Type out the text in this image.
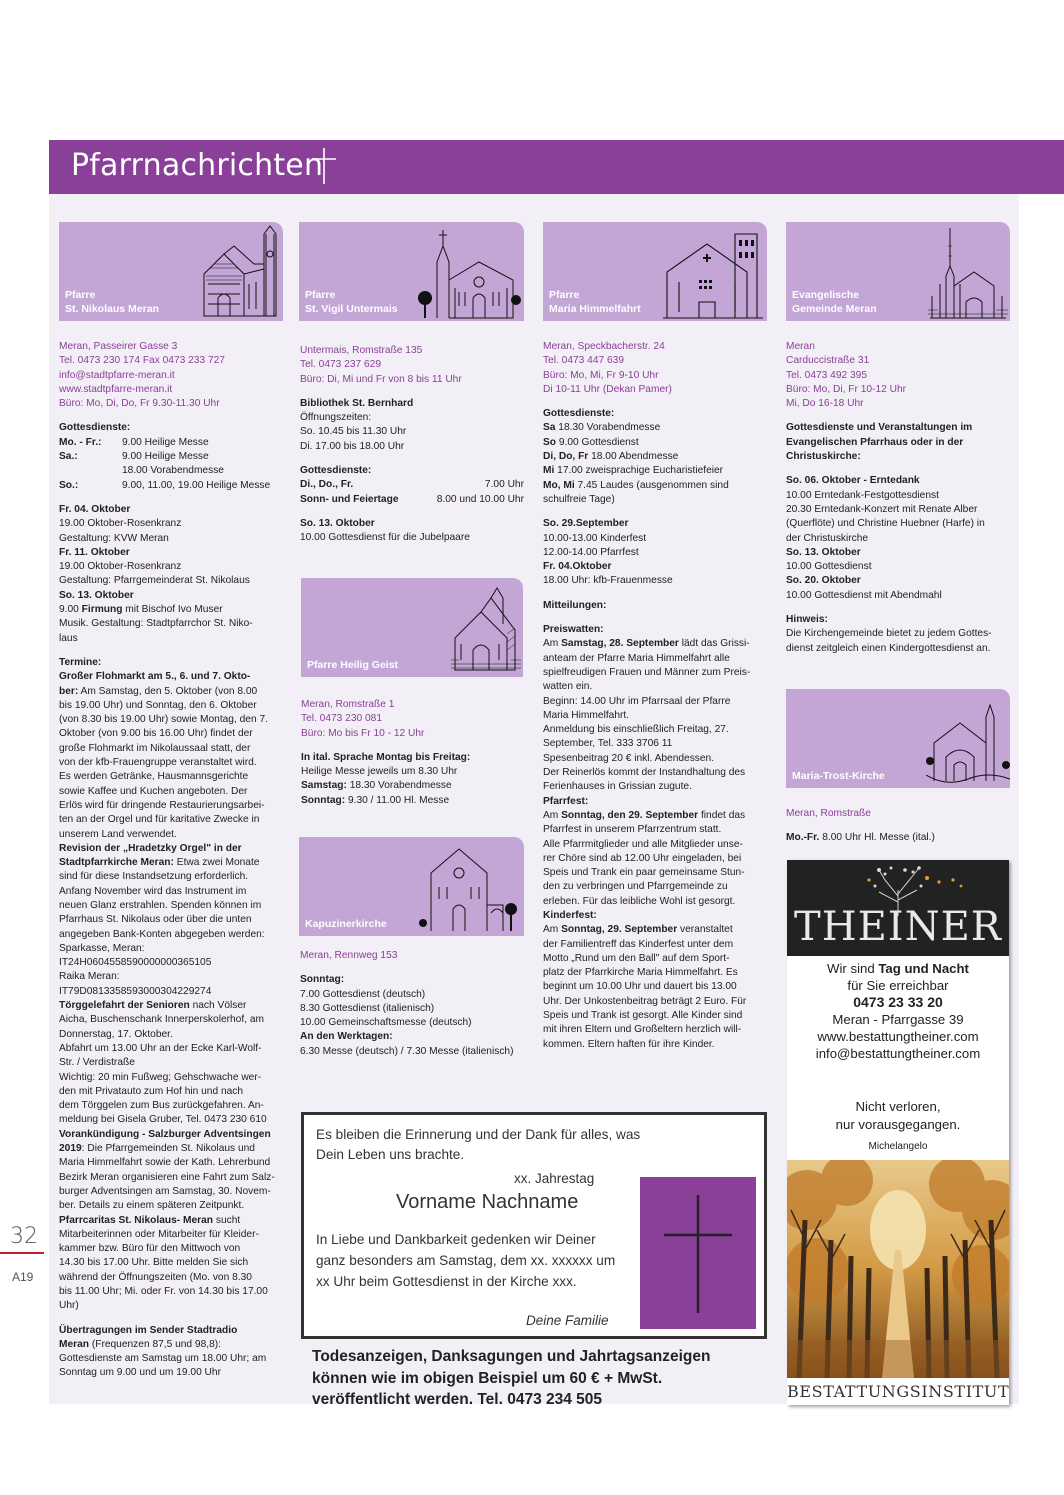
Pfarrnachrichten
32
A19
Pfarre
St. Nikolaus Meran

Meran, Passeirer Gasse 3

Tel. 0473 230 174 Fax 0473 233 727

info@stadtpfarre-meran.it

www.stadtpfarre-meran.it

Büro: Mo, Di, Do, Fr 9.30-11.30 Uhr

Gottesdienste:

Mo. - Fr.:	9.00 Heilige Messe
Sa.:	9.00 Heilige Messe
18.00 Vorabendmesse
So.:	9.00, 11.00, 19.00 Heilige Messe

Fr. 04. Oktober

19.00 Oktober-Rosenkranz

Gestaltung: KVW Meran

Fr. 11. Oktober

19.00 Oktober-Rosenkranz

Gestaltung: Pfarrgemeinderat St. Nikolaus

So. 13. Oktober

9.00 Firmung mit Bischof Ivo Muser

Musik. Gestaltung: Stadtpfarrchor St. Niko-

laus

Termine:

Großer Flohmarkt am 5., 6. und 7. Okto-

ber: Am Samstag, den 5. Oktober (von 8.00

bis 19.00 Uhr) und Sonntag, den 6. Oktober

(von 8.30 bis 19.00 Uhr) sowie Montag, den 7.

Oktober (von 9.00 bis 16.00 Uhr) findet der

große Flohmarkt im Nikolaussaal statt, der

von der kfb-Frauengruppe veranstaltet wird.

Es werden Getränke, Hausmannsgerichte

sowie Kaffee und Kuchen angeboten. Der

Erlös wird für dringende Restaurierungsarbei-

ten an der Orgel und für karitative Zwecke in

unserem Land verwendet.

Revision der „Hradetzky Orgel" in der

Stadtpfarrkirche Meran: Etwa zwei Monate

sind für diese Instandsetzung erforderlich.

Anfang November wird das Instrument im

neuen Glanz erstrahlen. Spenden können im

Pfarrhaus St. Nikolaus oder über die unten

angegeben Bank-Konten abgegeben werden:

Sparkasse, Meran:

IT24H0604558590000000365105

Raika Meran:

IT79D0813358593000304229274

Törggelefahrt der Senioren nach Völser

Aicha, Buschenschank Innerperskolerhof, am

Donnerstag, 17. Oktober.

Abfahrt um 13.00 Uhr an der Ecke Karl-Wolf-

Str. / Verdistraße

Wichtig: 20 min Fußweg; Gehschwache wer-

den mit Privatauto zum Hof hin und nach

dem Törggelen zum Bus zurückgefahren. An-

meldung bei Gisela Gruber, Tel. 0473 230 610

Vorankündigung - Salzburger Adventsingen

2019: Die Pfarrgemeinden St. Nikolaus und

Maria Himmelfahrt sowie der Kath. Lehrerbund

Bezirk Meran organisieren eine Fahrt zum Salz-

burger Adventsingen am Samstag, 30. Novem-

ber. Details zu einem späteren Zeitpunkt.

Pfarrcaritas St. Nikolaus- Meran sucht

Mitarbeiterinnen oder Mitarbeiter für Kleider-

kammer bzw. Büro für den Mittwoch von

14.30 bis 17.00 Uhr. Bitte melden Sie sich

während der Öffnungszeiten (Mo. von 8.30

bis 11.00 Uhr; Mi. oder Fr. von 14.30 bis 17.00

Uhr)

Übertragungen im Sender Stadtradio

Meran (Frequenzen 87,5 und 98,8):

Gottesdienste am Samstag um 18.00 Uhr; am

Sonntag um 9.00 und um 19.00 Uhr

Pfarre
St. Vigil Untermais

Untermais, Romstraße 135

Tel. 0473 237 629

Büro: Di, Mi und Fr von 8 bis 11 Uhr

Bibliothek St. Bernhard

Öffnungszeiten:

So. 10.45 bis 11.30 Uhr

Di. 17.00 bis 18.00 Uhr

Gottesdienste:

Di., Do., Fr.	7.00 Uhr
Sonn- und Feiertage	8.00 und 10.00 Uhr

So. 13. Oktober

10.00 Gottesdienst für die Jubelpaare

Pfarre Heilig Geist

Meran, Romstraße 1

Tel. 0473 230 081

Büro: Mo bis Fr 10 - 12 Uhr

In ital. Sprache Montag bis Freitag:

Heilige Messe jeweils um 8.30 Uhr

Samstag: 18.30 Vorabendmesse

Sonntag: 9.30 / 11.00 Hl. Messe

Kapuzinerkirche

Meran, Rennweg 153

Sonntag:

7.00 Gottesdienst (deutsch)

8.30 Gottesdienst (italienisch)

10.00 Gemeinschaftsmesse (deutsch)

An den Werktagen:

6.30 Messe (deutsch) / 7.30 Messe (italienisch)

Pfarre
Maria Himmelfahrt

Meran, Speckbacherstr. 24

Tel. 0473 447 639

Büro: Mo, Mi, Fr 9-10 Uhr

Di 10-11 Uhr (Dekan Pamer)

Gottesdienste:

Sa 18.30 Vorabendmesse

So 9.00 Gottesdienst

Di, Do, Fr 18.00 Abendmesse

Mi 17.00 zweisprachige Eucharistiefeier

Mo, Mi 7.45 Laudes (ausgenommen sind

schulfreie Tage)

So. 29.September

10.00-13.00 Kinderfest

12.00-14.00 Pfarrfest

Fr. 04.Oktober

18.00 Uhr: kfb-Frauenmesse

Mitteilungen:

Preiswatten:

Am Samstag, 28. September lädt das Grissi-

anteam der Pfarre Maria Himmelfahrt alle

spielfreudigen Frauen und Männer zum Preis-

watten ein.

Beginn: 14.00 Uhr im Pfarrsaal der Pfarre

Maria Himmelfahrt.

Anmeldung bis einschließlich Freitag, 27.

September, Tel. 333 3706 11

Spesenbeitrag 20 € inkl. Abendessen.

Der Reinerlös kommt der Instandhaltung des

Ferienhauses in Grissian zugute.

Pfarrfest:

Am Sonntag, den 29. September findet das

Pfarrfest in unserem Pfarrzentrum statt.

Alle Pfarrmitglieder und alle Mitglieder unse-

rer Chöre sind ab 12.00 Uhr eingeladen, bei

Speis und Trank ein paar gemeinsame Stun-

den zu verbringen und Pfarrgemeinde zu

erleben. Für das leibliche Wohl ist gesorgt.

Kinderfest:

Am Sonntag, 29. September veranstaltet

der Familientreff das Kinderfest unter dem

Motto „Rund um den Ball" auf dem Sport-

platz der Pfarrkirche Maria Himmelfahrt. Es

beginnt um 10.00 Uhr und dauert bis 13.00

Uhr. Der Unkostenbeitrag beträgt 2 Euro. Für

Speis und Trank ist gesorgt. Alle Kinder sind

mit ihren Eltern und Großeltern herzlich will-

kommen. Eltern haften für ihre Kinder.

Evangelische
Gemeinde Meran

Meran

Carduccistraße 31

Tel. 0473 492 395

Büro: Mo, Di, Fr 10-12 Uhr

Mi, Do 16-18 Uhr

Gottesdienste und Veranstaltungen im

Evangelischen Pfarrhaus oder in der

Christuskirche:

So. 06. Oktober - Erntedank

10.00 Erntedank-Festgottesdienst

20.30 Erntedank-Konzert mit Renate Alber

(Querflöte) und Christine Huebner (Harfe) in

der Christuskirche

So. 13. Oktober

10.00 Gottesdienst

So. 20. Oktober

10.00 Gottesdienst mit Abendmahl

Hinweis:

Die Kirchengemeinde bietet zu jedem Gottes-

dienst zeitgleich einen Kindergottesdienst an.

Maria-Trost-Kirche

Meran, Romstraße

Mo.-Fr. 8.00 Uhr Hl. Messe (ital.)

Es bleiben die Erinnerung und der Dank für alles, was Dein Leben uns brachte.
xx. Jahrestag
Vorname Nachname
In Liebe und Dankbarkeit gedenken wir Deiner ganz besonders am Samstag, dem xx. xxxxxx um xx Uhr beim Gottesdienst in der Kirche xxx.
Deine Familie
Todesanzeigen, Danksagungen und Jahrtagsanzeigen können wie im obigen Beispiel um 60 € + MwSt. veröffentlicht werden. Tel. 0473 234 505
THEINER

Wir sind Tag und Nacht

für Sie erreichbar

0473 23 33 20

Meran - Pfarrgasse 39

www.bestattungtheiner.com

info@bestattungtheiner.com

Nicht verloren,

nur vorausgegangen.

Michelangelo
BESTATTUNGSINSTITUT
